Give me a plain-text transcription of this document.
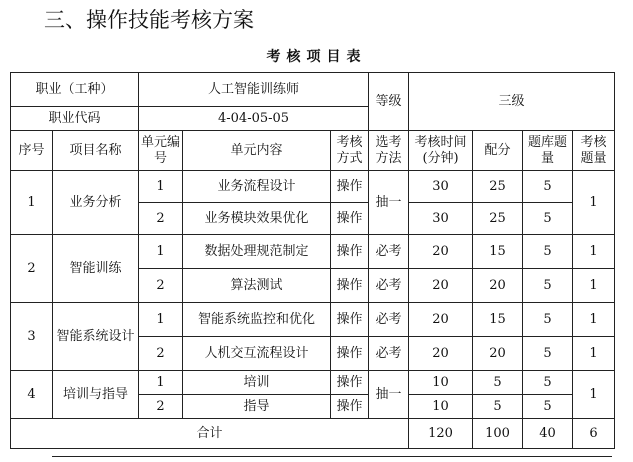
三、操作技能考核方案
考核项目表
职业（工种）		人工智能训练师			等级	三级			
职业代码		4-04-05-05							
序号	项目名称	单元编号	单元内容	考核方式	选考方法	考核时间(分钟)	配分	题库题量	考核题量
1	业务分析	1	业务流程设计	操作	抽一	30	25	5	1
		2	业务模块效果优化	操作		30	25	5	
2	智能训练	1	数据处理规范制定	操作	必考	20	15	5	1
		2	算法测试	操作	必考	20	20	5	1
3	智能系统设计	1	智能系统监控和优化	操作	必考	20	15	5	1
		2	人机交互流程设计	操作	必考	20	20	5	1
4	培训与指导	1	培训	操作	抽一	10	5	5	1
		2	指导	操作		10	5	5	
合计						120	100	40	6
